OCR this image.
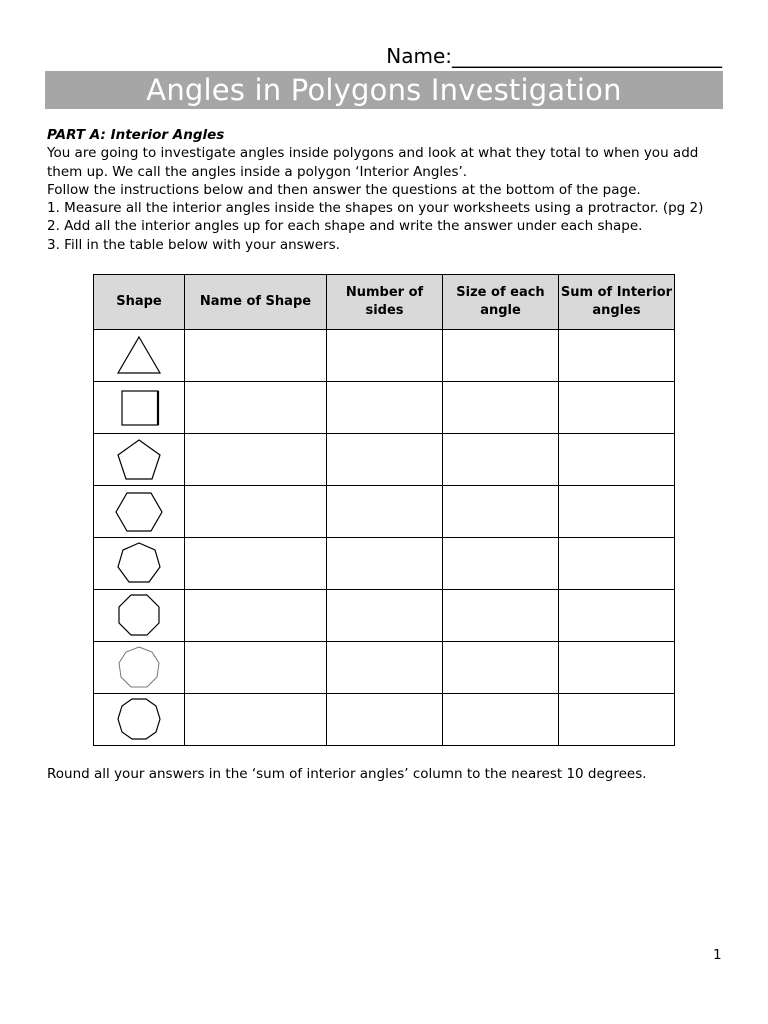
Name:___________________________
Angles in Polygons Investigation

PART A: Interior Angles

You are going to investigate angles inside polygons and look at what they total to when you add them up. We call the angles inside a polygon ‘Interior Angles’.

Follow the instructions below and then answer the questions at the bottom of the page.

1. Measure all the interior angles inside the shapes on your worksheets using a protractor. (pg 2)

2. Add all the interior angles up for each shape and write the answer under each shape.

3. Fill in the table below with your answers.

Shape	Name of Shape	Number of sides	Size of each angle	Sum of Interior angles

Round all your answers in the ‘sum of interior angles’ column to the nearest 10 degrees.
1
